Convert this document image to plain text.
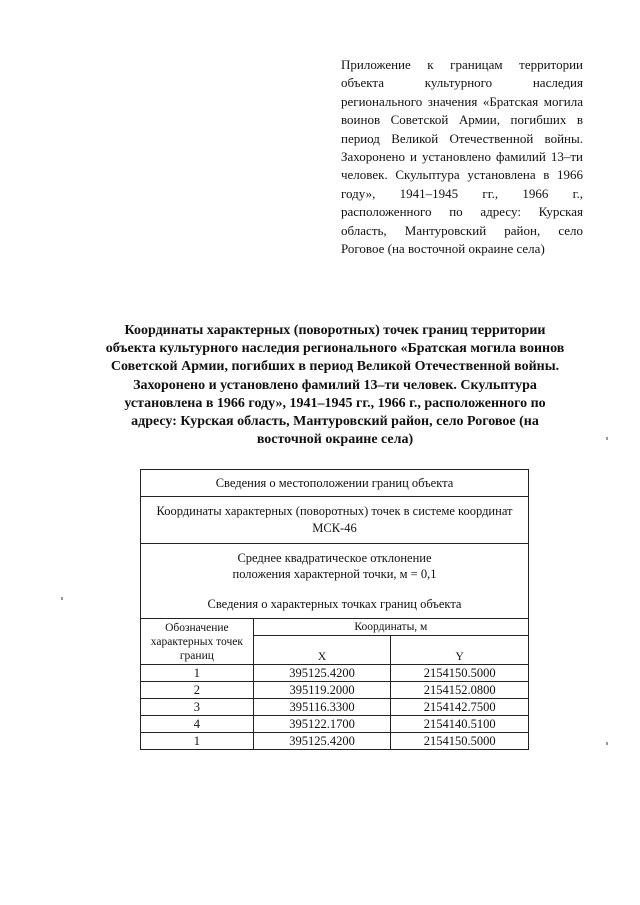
Приложение к границам территории объекта культурного наследия регионального значения «Братская могила воинов Советской Армии, погибших в период Великой Отечественной войны. Захоронено и установлено фамилий 13–ти человек. Скульптура установлена в 1966 году», 1941–1945 гг., 1966 г., расположенного по адресу: Курская область, Мантуровский район, село Роговое (на восточной окраине села)

Координаты характерных (поворотных) точек границ территории объекта культурного наследия регионального «Братская могила воинов Советской Армии, погибших в период Великой Отечественной войны. Захоронено и установлено фамилий 13–ти человек. Скульптура установлена в 1966 году», 1941–1945 гг., 1966 г., расположенного по адресу: Курская область, Мантуровский район, село Роговое (на восточной окраине села)

Сведения о местоположении границ объекта		
Координаты характерных (поворотных) точек в системе координат МСК-46		

Среднее квадратическое отклонение
положения характерной точки, м = 0,1
Сведения о характерных точках границ объекта		

Обозначение характерных точек границ	Координаты, м	
	X	Y
1	395125.4200	2154150.5000
2	395119.2000	2154152.0800
3	395116.3300	2154142.7500
4	395122.1700	2154140.5100
1	395125.4200	2154150.5000
